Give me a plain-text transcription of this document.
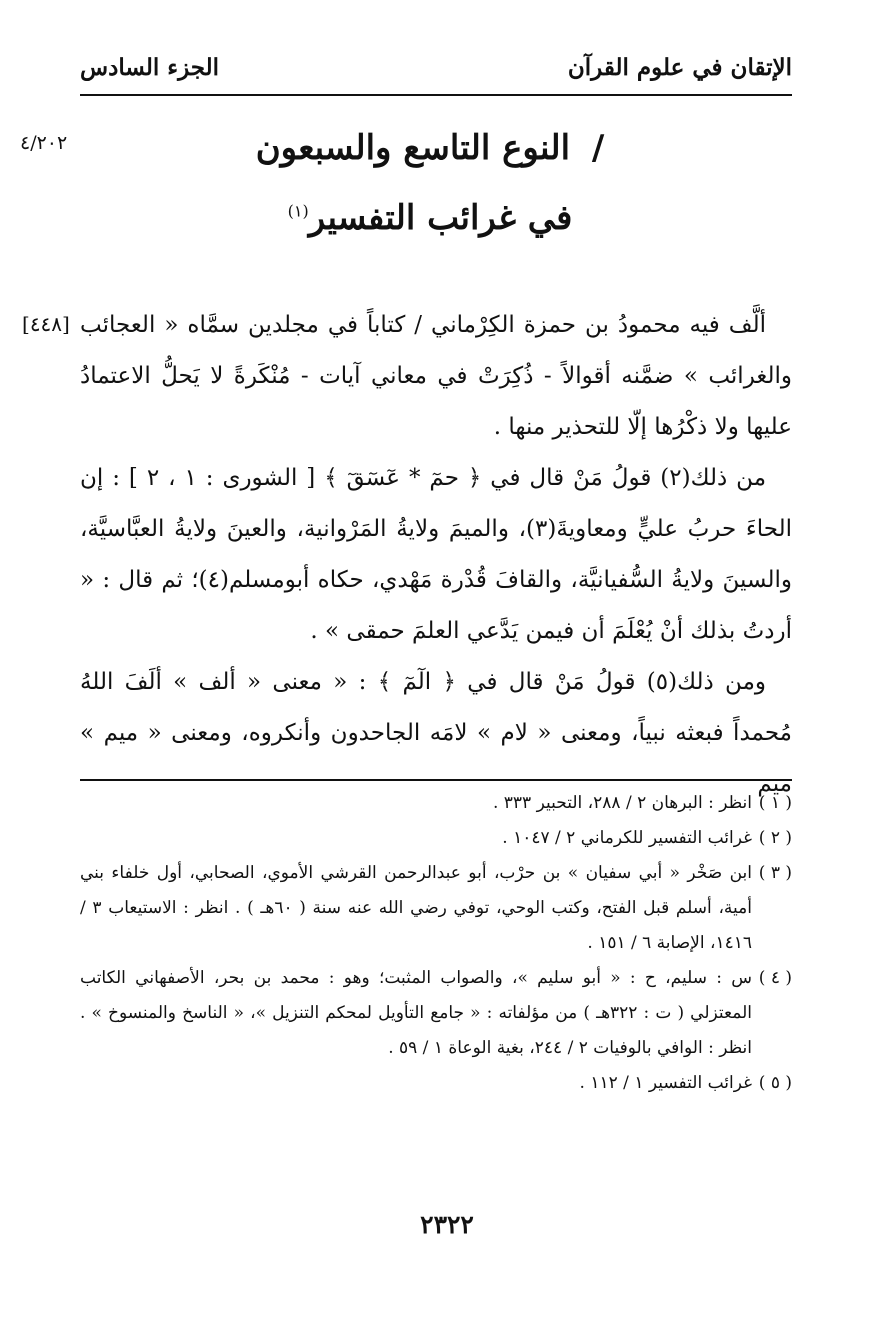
الإتقان في علوم القرآن
الجزء السادس
٤/٢٠٢
[٤٤٨]
/ النوع التاسع والسبعون
في غرائب التفسير$^{(١)}$

ألَّف فيه محمودُ بن حمزة الكِرْماني / كتاباً في مجلدين سمَّاه « العجائب والغرائب » ضمَّنه أقوالاً - ذُكِرَتْ في معاني آيات - مُنْكَرةً لا يَحلُّ الاعتمادُ عليها ولا ذكْرُها إلّا للتحذير منها .

من ذلك(٢) قولُ مَنْ قال في ﴿ حمٓ * عٓسٓقٓ ﴾ [ الشورى : ١ ، ٢ ] : إن الحاءَ حربُ عليٍّ ومعاويةَ(٣)، والميمَ ولايةُ المَرْوانية، والعينَ ولايةُ العبَّاسيَّة، والسينَ ولايةُ السُّفيانيَّة، والقافَ قُدْرة مَهْدي، حكاه أبومسلم(٤)؛ ثم قال : « أردتُ بذلك أنْ يُعْلَمَ أن فيمن يَدَّعي العلمَ حمقى » .

ومن ذلك(٥) قولُ مَنْ قال في ﴿ الٓمٓ ﴾ : « معنى « ألف » ألَفَ اللهُ مُحمداً فبعثه نبياً، ومعنى « لام » لامَه الجاحدون وأنكروه، ومعنى « ميم » ميم

( ١ )
انظر : البرهان ٢ / ٢٨٨، التحبير ٣٣٣ .

( ٢ )
غرائب التفسير للكرماني ٢ / ١٠٤٧ .

( ٣ )
ابن صَخْر « أبي سفيان » بن حرْب، أبو عبدالرحمن القرشي الأموي، الصحابي، أول خلفاء بني أمية، أسلم قبل الفتح، وكتب الوحي، توفي رضي الله عنه سنة ( ٦٠هـ ) . انظر : الاستيعاب ٣ / ١٤١٦، الإصابة ٦ / ١٥١ .

( ٤ )
س : سليم، ح : « أبو سليم »، والصواب المثبت؛ وهو : محمد بن بحر، الأصفهاني الكاتب المعتزلي ( ت : ٣٢٢هـ ) من مؤلفاته : « جامع التأويل لمحكم التنزيل »، « الناسخ والمنسوخ » . انظر : الوافي بالوفيات ٢ / ٢٤٤، بغية الوعاة ١ / ٥٩ .

( ٥ )
غرائب التفسير ١ / ١١٢ .

٢٣٢٢
